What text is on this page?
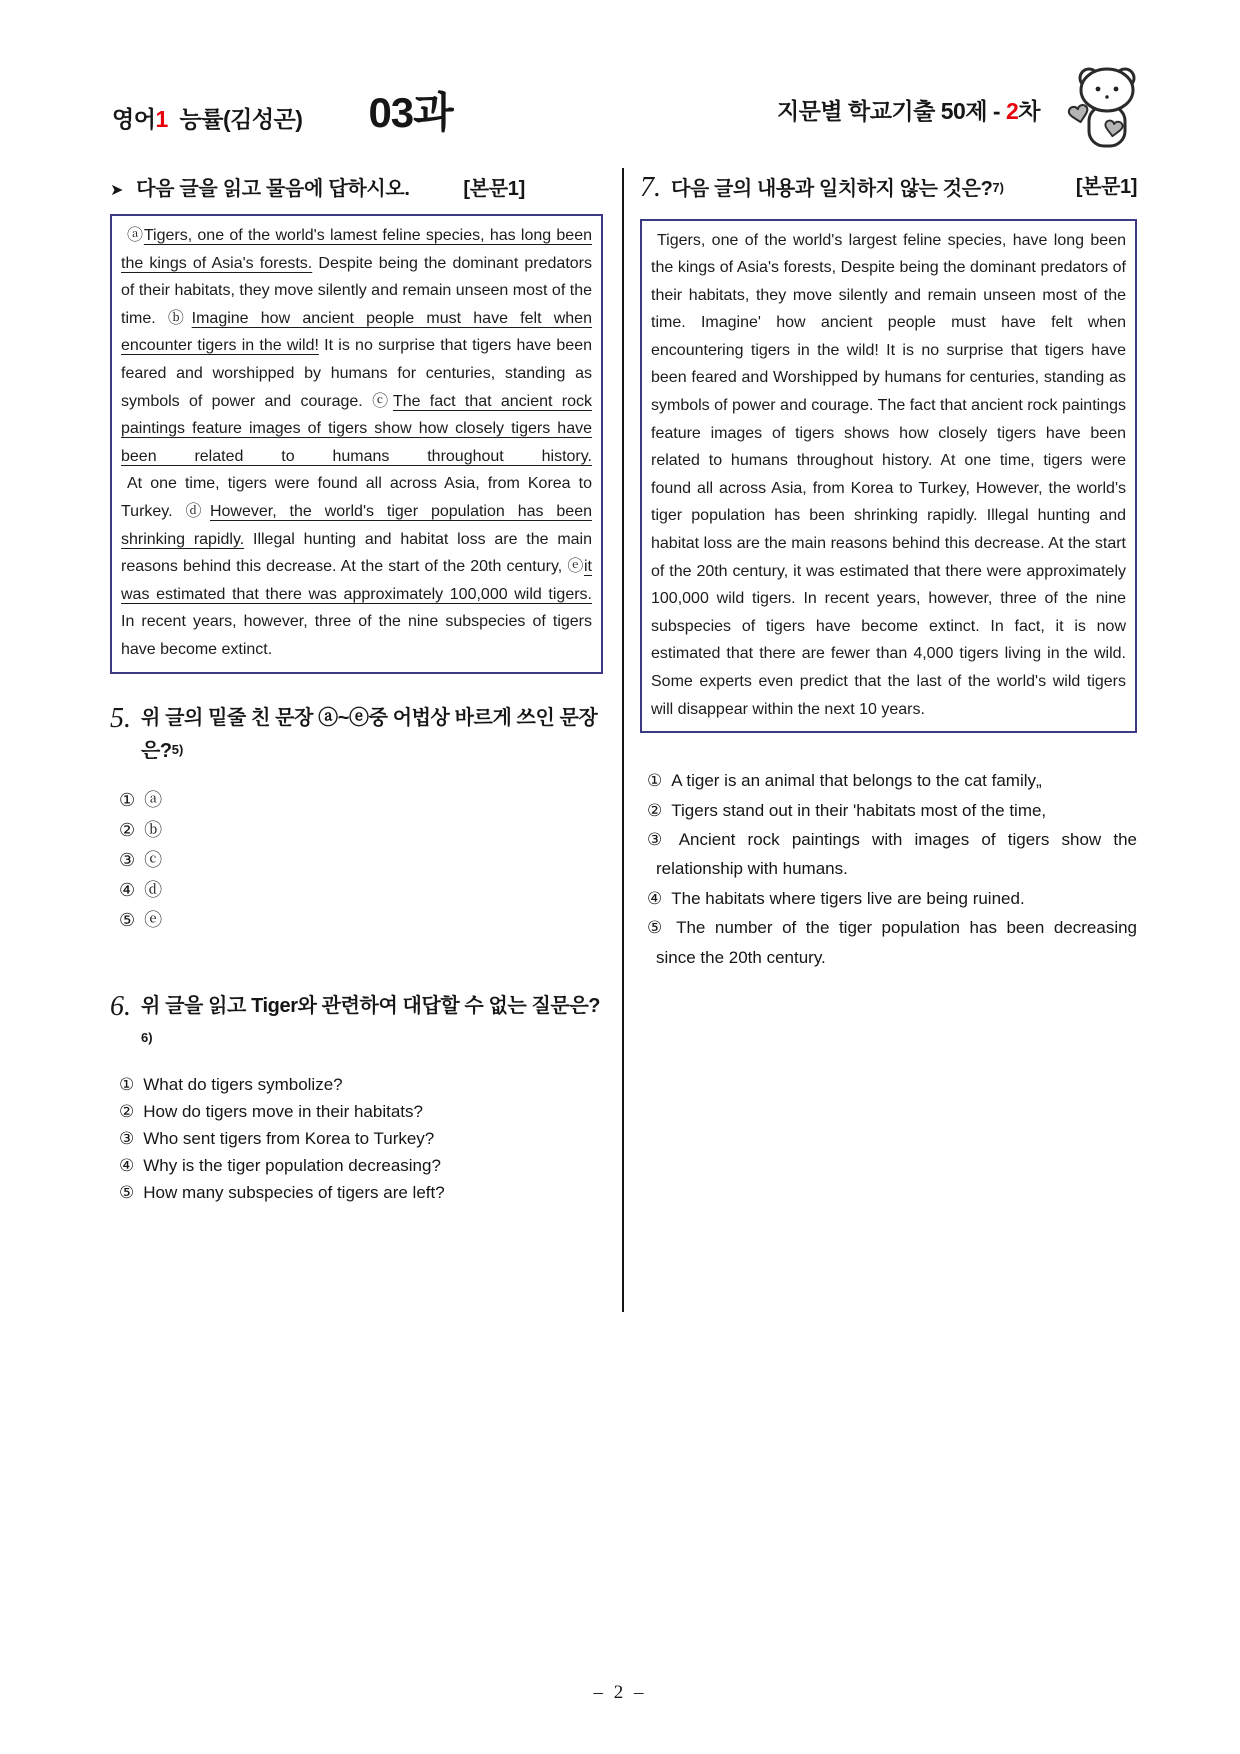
영어1  능률(김성곤) 03과	지문별 학교기출 50제 - 2차
➤ 다음 글을 읽고 물음에 답하시오.	[본문1]

ⓐTigers, one of the world's lamest feline species, has long been the kings of Asia's forests. Despite being the dominant predators of their habitats, they move silently and remain unseen most of the time. ⓑImagine how ancient people must have felt when encounter tigers in the wild! It is no surprise that tigers have been feared and worshipped by humans for centuries, standing as symbols of power and courage. ⓒThe fact that ancient rock paintings feature images of tigers show how closely tigers have been related to humans throughout history.

At one time, tigers were found all across Asia, from Korea to Turkey. ⓓHowever, the world's tiger population has been shrinking rapidly. Illegal hunting and habitat loss are the main reasons behind this decrease. At the start of the 20th century, ⓔit was estimated that there was approximately 100,000 wild tigers. In recent years, however, three of the nine subspecies of tigers have become extinct.

5. 위 글의 밑줄 친 문장 ⓐ~ⓔ중 어법상 바르게 쓰인 문장은?5)
① ⓐ
② ⓑ
③ ⓒ
④ ⓓ
⑤ ⓔ
6. 위 글을 읽고 Tiger와 관련하여 대답할 수 없는 질문은?6)
① What do tigers symbolize?
② How do tigers move in their habitats?
③ Who sent tigers from Korea to Turkey?
④ Why is the tiger population decreasing?
⑤ How many subspecies of tigers are left?
7. 다음 글의 내용과 일치하지 않는 것은?7)	[본문1]

Tigers, one of the world's largest feline species, have long been the kings of Asia's forests, Despite being the dominant predators of their habitats, they move silently and remain unseen most of the time. Imagine' how ancient people must have felt when encountering tigers in the wild! It is no surprise that tigers have been feared and Worshipped by humans for centuries, standing as symbols of power and courage. The fact that ancient rock paintings feature images of tigers shows how closely tigers have been related to humans throughout history. At one time, tigers were found all across Asia, from Korea to Turkey, However, the world's tiger population has been shrinking rapidly. Illegal hunting and habitat loss are the main reasons behind this decrease. At the start of the 20th century, it was estimated that there were approximately 100,000 wild tigers. In recent years, however, three of the nine subspecies of tigers have become extinct. In fact, it is now estimated that there are fewer than 4,000 tigers living in the wild. Some experts even predict that the last of the world's wild tigers will disappear within the next 10 years.

① A tiger is an animal that belongs to the cat family„
② Tigers stand out in their 'habitats most of the time,
③ Ancient rock paintings with images of tigers show the relationship with humans.
④ The habitats where tigers live are being ruined.
⑤ The number of the tiger population has been decreasing since the 20th century.
– 2 –
